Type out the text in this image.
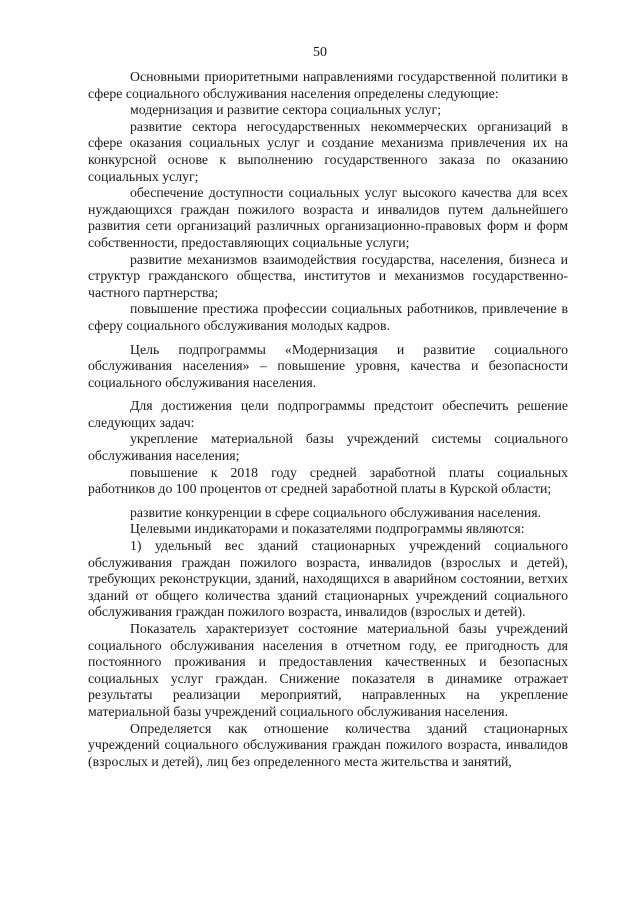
50

Основными приоритетными направлениями государственной политики в сфере социального обслуживания населения определены следующие:

модернизация и развитие сектора социальных услуг;

развитие сектора негосударственных некоммерческих организаций в сфере оказания социальных услуг и создание механизма привлечения их на конкурсной основе к выполнению государственного заказа по оказанию социальных услуг;

обеспечение доступности социальных услуг высокого качества для всех нуждающихся граждан пожилого возраста и инвалидов путем дальнейшего развития сети организаций различных организационно-правовых форм и форм собственности, предоставляющих социальные услуги;

развитие механизмов взаимодействия государства, населения, бизнеса и структур гражданского общества, институтов и механизмов государственно-частного партнерства;

повышение престижа профессии социальных работников, привлечение в сферу социального обслуживания молодых кадров.

Цель подпрограммы «Модернизация и развитие социального обслуживания населения» – повышение уровня, качества и безопасности социального обслуживания населения.

Для достижения цели подпрограммы предстоит обеспечить решение следующих задач:

укрепление материальной базы учреждений системы социального обслуживания населения;

повышение к 2018 году средней заработной платы социальных работников до 100 процентов от средней заработной платы в Курской области;

развитие конкуренции в сфере социального обслуживания населения.

Целевыми индикаторами и показателями подпрограммы являются:

1) удельный вес зданий стационарных учреждений социального обслуживания граждан пожилого возраста, инвалидов (взрослых и детей), требующих реконструкции, зданий, находящихся в аварийном состоянии, ветхих зданий от общего количества зданий стационарных учреждений социального обслуживания граждан пожилого возраста, инвалидов (взрослых и детей).

Показатель характеризует состояние материальной базы учреждений социального обслуживания населения в отчетном году, ее пригодность для постоянного проживания и предоставления качественных и безопасных социальных услуг граждан. Снижение показателя в динамике отражает результаты реализации мероприятий, направленных на укрепление материальной базы учреждений социального обслуживания населения.

Определяется как отношение количества зданий стационарных учреждений социального обслуживания граждан пожилого возраста, инвалидов (взрослых и детей), лиц без определенного места жительства и занятий,
